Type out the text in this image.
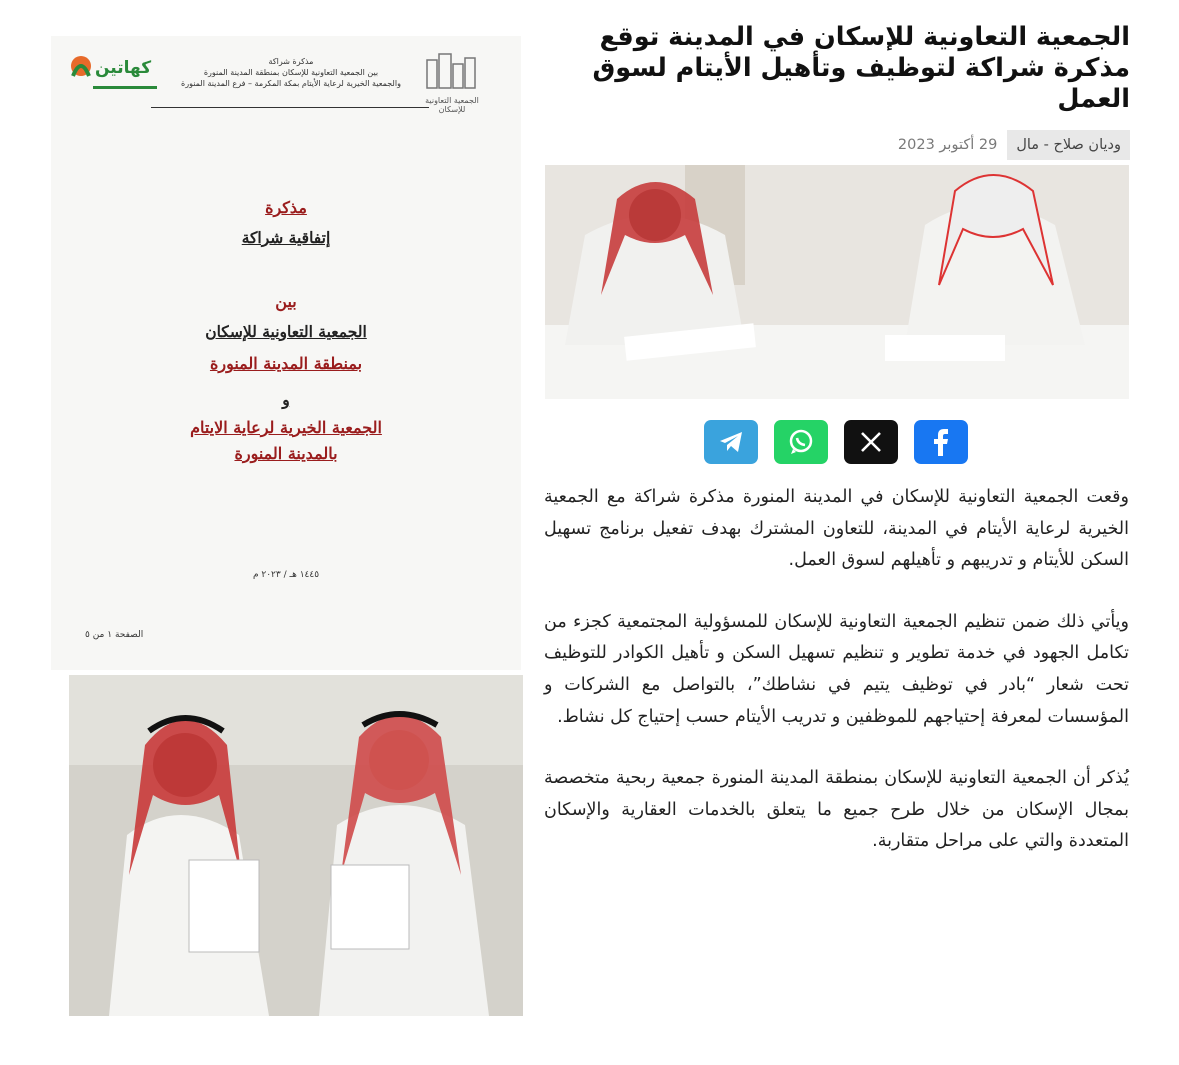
كهاتين	مذكرة شراكة
بين الجمعية التعاونية للإسكان بمنطقة المدينة المنورة
والجمعية الخيرية لرعاية الأيتام بمكة المكرمة – فرع المدينة المنورة
الجمعية التعاونية للإسكان
مذكرة
إتفاقية شراكة
بين
الجمعية التعاونية للإسكان
بمنطقة المدينة المنورة
و
الجمعية الخيرية لرعاية الايتام
بالمدينة المنورة
١٤٤٥ هـ / ٢٠٢٣ م
الصفحة ١ من ٥
الجمعية التعاونية للإسكان في المدينة توقع مذكرة شراكة لتوظيف وتأهيل الأيتام لسوق العمل
وديان صلاح - مال
29 أكتوبر 2023

وقعت الجمعية التعاونية للإسكان في المدينة المنورة مذكرة شراكة مع الجمعية الخيرية لرعاية الأيتام في المدينة، للتعاون المشترك بهدف تفعيل برنامج تسهيل السكن للأيتام و تدريبهم و تأهيلهم لسوق العمل.

ويأتي ذلك ضمن تنظيم الجمعية التعاونية للإسكان للمسؤولية المجتمعية كجزء من تكامل الجهود في خدمة تطوير و تنظيم تسهيل السكن و تأهيل الكوادر للتوظيف تحت شعار “بادر في توظيف يتيم في نشاطك”، بالتواصل مع الشركات و المؤسسات لمعرفة إحتياجهم للموظفين و تدريب الأيتام حسب إحتياج كل نشاط.

يُذكر أن الجمعية التعاونية للإسكان بمنطقة المدينة المنورة جمعية ربحية متخصصة بمجال الإسكان من خلال طرح جميع ما يتعلق بالخدمات العقارية والإسكان المتعددة والتي على مراحل متقاربة.
